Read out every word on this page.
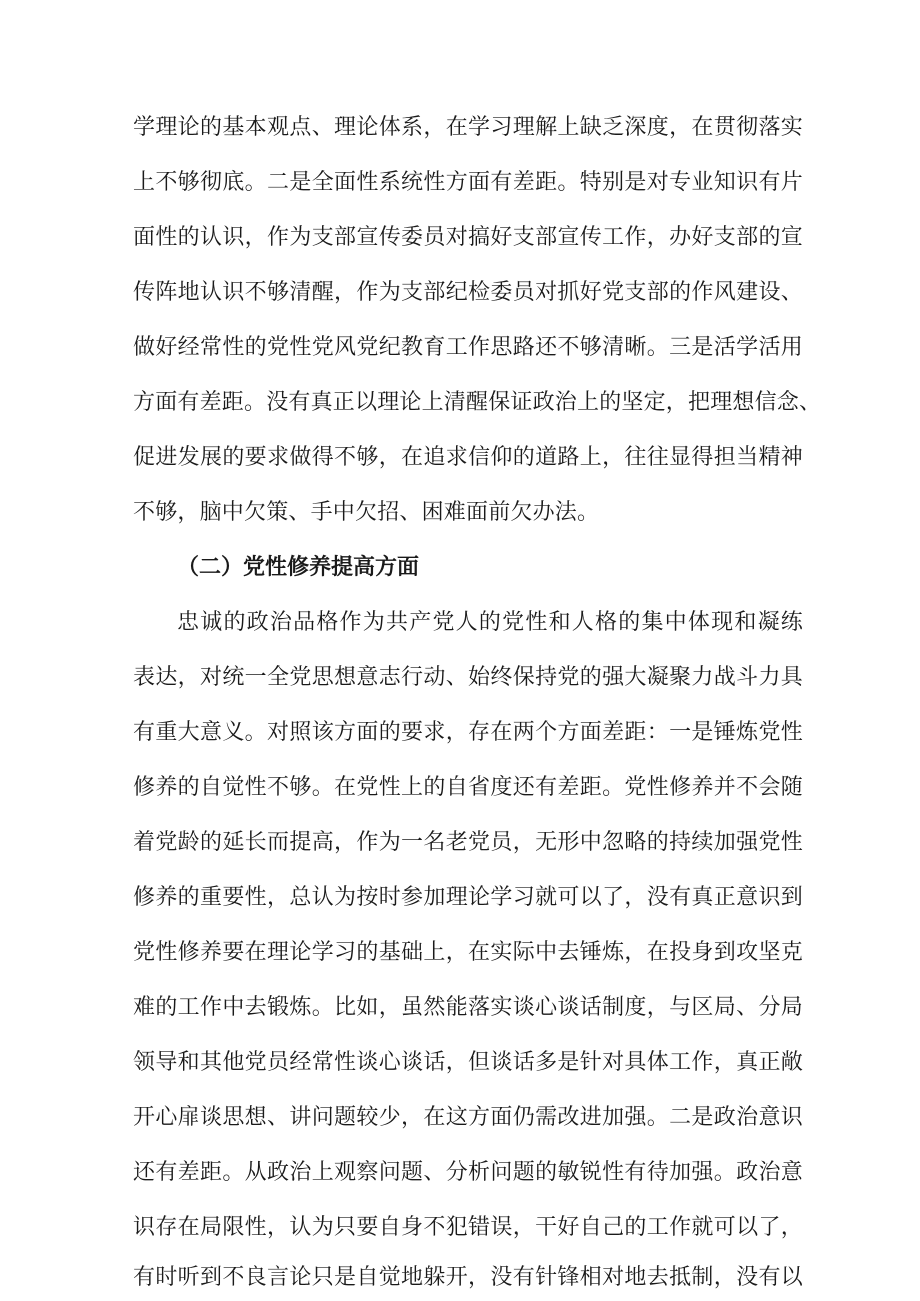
学理论的基本观点、理论体系，在学习理解上缺乏深度，在贯彻落实
上不够彻底。二是全面性系统性方面有差距。特别是对专业知识有片
面性的认识，作为支部宣传委员对搞好支部宣传工作，办好支部的宣
传阵地认识不够清醒，作为支部纪检委员对抓好党支部的作风建设、
做好经常性的党性党风党纪教育工作思路还不够清晰。三是活学活用
方面有差距。没有真正以理论上清醒保证政治上的坚定，把理想信念、
促进发展的要求做得不够，在追求信仰的道路上，往往显得担当精神
不够，脑中欠策、手中欠招、困难面前欠办法。
（二）党性修养提高方面
忠诚的政治品格作为共产党人的党性和人格的集中体现和凝练
表达，对统一全党思想意志行动、始终保持党的强大凝聚力战斗力具
有重大意义。对照该方面的要求，存在两个方面差距：一是锤炼党性
修养的自觉性不够。在党性上的自省度还有差距。党性修养并不会随
着党龄的延长而提高，作为一名老党员，无形中忽略的持续加强党性
修养的重要性，总认为按时参加理论学习就可以了，没有真正意识到
党性修养要在理论学习的基础上，在实际中去锤炼，在投身到攻坚克
难的工作中去锻炼。比如，虽然能落实谈心谈话制度，与区局、分局
领导和其他党员经常性谈心谈话，但谈话多是针对具体工作，真正敞
开心扉谈思想、讲问题较少，在这方面仍需改进加强。二是政治意识
还有差距。从政治上观察问题、分析问题的敏锐性有待加强。政治意
识存在局限性，认为只要自身不犯错误，干好自己的工作就可以了，
有时听到不良言论只是自觉地躲开，没有针锋相对地去抵制，没有以
